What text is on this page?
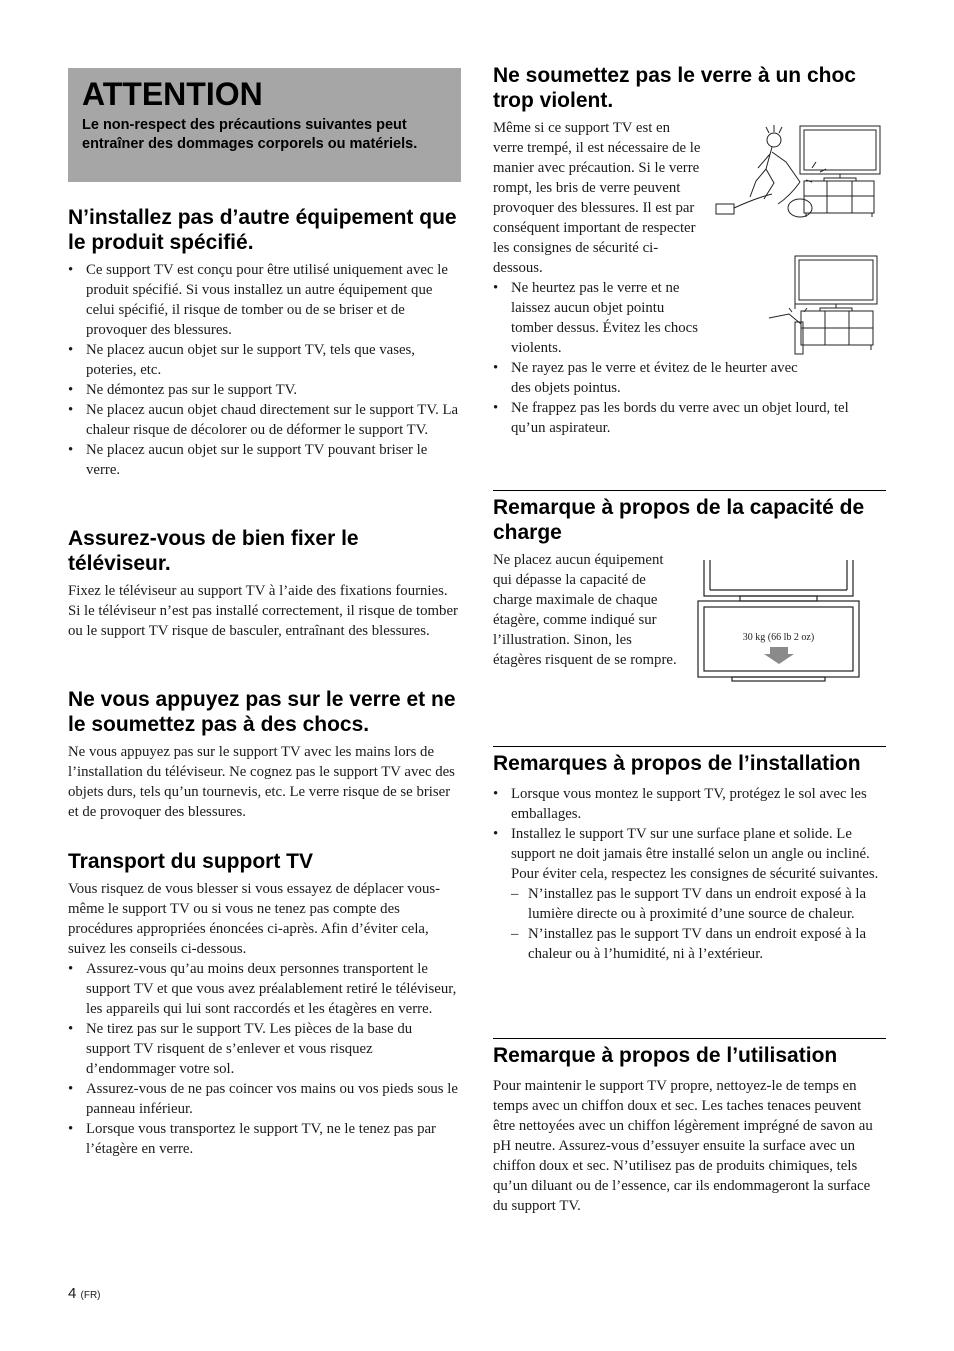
ATTENTION

Le non-respect des précautions suivantes peut entraîner des dommages corporels ou matériels.

N’installez pas d’autre équipement que le produit spécifié.
• Ce support TV est conçu pour être utilisé uniquement avec le produit spécifié. Si vous installez un autre équipement que celui spécifié, il risque de tomber ou de se briser et de provoquer des blessures.
• Ne placez aucun objet sur le support TV, tels que vases, poteries, etc.
• Ne démontez pas sur le support TV.
• Ne placez aucun objet chaud directement sur le support TV. La chaleur risque de décolorer ou de déformer le support TV.
• Ne placez aucun objet sur le support TV pouvant briser le verre.
Assurez-vous de bien fixer le téléviseur.

Fixez le téléviseur au support TV à l’aide des fixations fournies. Si le téléviseur n’est pas installé correctement, il risque de tomber ou le support TV risque de basculer, entraînant des blessures.

Ne vous appuyez pas sur le verre et ne le soumettez pas à des chocs.

Ne vous appuyez pas sur le support TV avec les mains lors de l’installation du téléviseur. Ne cognez pas le support TV avec des objets durs, tels qu’un tournevis, etc. Le verre risque de se briser et de provoquer des blessures.

Transport du support TV

Vous risquez de vous blesser si vous essayez de déplacer vous-même le support TV ou si vous ne tenez pas compte des procédures appropriées énoncées ci-après. Afin d’éviter cela, suivez les conseils ci-dessous.

• Assurez-vous qu’au moins deux personnes transportent le support TV et que vous avez préalablement retiré le téléviseur, les appareils qui lui sont raccordés et les étagères en verre.
• Ne tirez pas sur le support TV. Les pièces de la base du support TV risquent de s’enlever et vous risquez d’endommager votre sol.
• Assurez-vous de ne pas coincer vos mains ou vos pieds sous le panneau inférieur.
• Lorsque vous transportez le support TV, ne le tenez pas par l’étagère en verre.
Ne soumettez pas le verre à un choc trop violent.

Même si ce support TV est en verre trempé, il est nécessaire de le manier avec précaution. Si le verre rompt, les bris de verre peuvent provoquer des blessures. Il est par conséquent important de respecter les consignes de sécurité ci-dessous.

• Ne heurtez pas le verre et ne laissez aucun objet pointu tomber dessus. Évitez les chocs violents.
• Ne rayez pas le verre et évitez de le heurter avec des objets pointus.
• Ne frappez pas les bords du verre avec un objet lourd, tel qu’un aspirateur.
Remarque à propos de la capacité de charge

Ne placez aucun équipement qui dépasse la capacité de charge maximale de chaque étagère, comme indiqué sur l’illustration. Sinon, les étagères risquent de se rompre.

30 kg (66 lb 2 oz)
Remarques à propos de l’installation
• Lorsque vous montez le support TV, protégez le sol avec les emballages.
• Installez le support TV sur une surface plane et solide. Le support ne doit jamais être installé selon un angle ou incliné. Pour éviter cela, respectez les consignes de sécurité suivantes.
– N’installez pas le support TV dans un endroit exposé à la lumière directe ou à proximité d’une source de chaleur.
– N’installez pas le support TV dans un endroit exposé à la chaleur ou à l’humidité, ni à l’extérieur.
Remarque à propos de l’utilisation

Pour maintenir le support TV propre, nettoyez-le de temps en temps avec un chiffon doux et sec. Les taches tenaces peuvent être nettoyées avec un chiffon légèrement imprégné de savon au pH neutre. Assurez-vous d’essuyer ensuite la surface avec un chiffon doux et sec. N’utilisez pas de produits chimiques, tels qu’un diluant ou de l’essence, car ils endommageront la surface du support TV.

4 (FR)
